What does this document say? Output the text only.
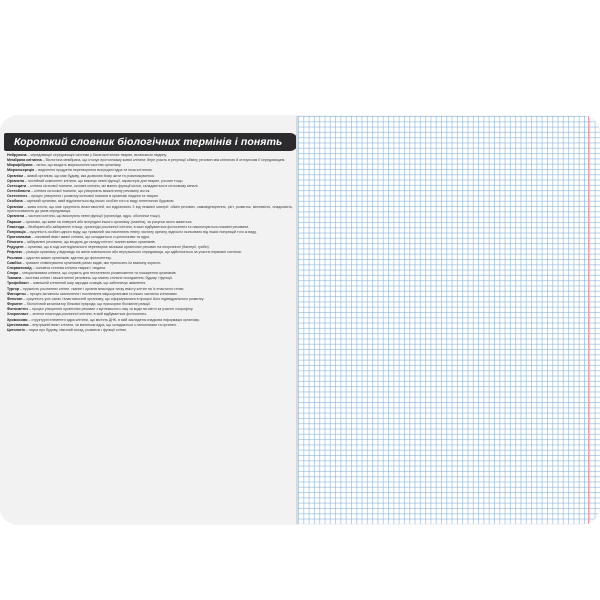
Короткий словник біологічних термінів і понять
Нейрулона – середовищні середовищні системи у багатоклітинних тварин, включаючи людину.
Мембрана клітинна – біологічна мембрана, що оточує протоплазму живої клітини; бере участь в регуляції обміну речовин між клітиною й оточуючим її середовищем.
Мікрофібрили – нитки, що входять мікроскопічні частини організму.
Мікроекскреція – виділення продуктів перетворення всередині ядра та поза клітиною.
Організм – живий організм, що має будову, яка дозволяє йому жити та розмножуватися.
Органела – постійний компонент клітини, що виконує певні функції, характерні для тварин, рослин тощо.
Остеоцити – клітини кісткової тканини, основні клітини, які мають функції кістки, складаються в кістковому каналі.
Остеобласти – клітини кісткової тканини, що утворюють міжклітинну речовину кісток.
Остеогенез – процес утворення і розвитку кісткової тканини в організмі людини та тварин.
Особина – окремий організм, який відрізняється від інших особин того ж виду генетичною будовою.
Організм – жива істота, що має сукупність властивостей, які відрізняють її від неживої матерії: обмін речовин, самовідтворення, ріст, розвиток, мінливість, спадковість, пристосованість до умов середовища.
Органели – частини клітини, що виконують певні функції (органоїди, ядро, оболонки тощо).
Паразит – організм, що живе на поверхні або всередині іншого організму (хазяїна), за рахунок якого живиться.
Пластиди – безбарвні або забарвлені тільця, органоїди рослинної клітини, в яких відбувається фотосинтез та накопичуються поживні речовини.
Популяція – сукупність особин одного виду, що тривалий час населяють певну частину ареалу, відносно ізольовано від інших популяцій того ж виду.
Протоплазма – основний вміст живої клітини, що складається з цитоплазми та ядра.
Пігменти – забарвлені речовини, що входять до складу клітин і тканин живих організмів.
Редуцент – організм, що в ході життєдіяльності перетворює залишки органічних речовин на неорганічні (бактерії, гриби).
Рефлекс – реакція організму у відповідь на зміни зовнішнього або внутрішнього середовища, що здійснюється за участю нервової системи.
Рослини – царство живих організмів, здатних до фотосинтезу.
Симбіоз – тривале співіснування організмів різних видів, яке приносить їм взаємну користь.
Сперматозоїд – чоловіча статева клітина тварин і людини.
Спора – спеціалізована клітина, що служить для нестатевого розмноження та поширення організмів.
Тканина – система клітин і міжклітинної речовини, що мають спільне походження, будову і функції.
Трофобласт – зовнішній клітинний шар зародка ссавців, що забезпечує живлення.
Тургор – пружність рослинних клітин, тканин і органів внаслідок тиску вмісту клітин на їх еластичні стінки.
Фагоцитоз – процес активного захоплення і поглинання мікроорганізмів та інших частинок клітинами.
Фенотип – сукупність усіх ознак і властивостей організму, що сформувалися в процесі його індивідуального розвитку.
Фермент – біологічний каталізатор білкової природи, що прискорює біохімічні реакції.
Фотосинтез – процес утворення органічних речовин з вуглекислого газу та води на світлі за участю хлорофілу.
Хлоропласт – зелена пластида рослинної клітини, в якій відбувається фотосинтез.
Хромосоми – структурні елементи ядра клітини, що містять ДНК, в якій закладена спадкова інформація організму.
Цитоплазма – внутрішній вміст клітини, за винятком ядра, що складається з гіалоплазми та органел.
Цитологія – наука про будову, хімічний склад, розвиток і функції клітин.
